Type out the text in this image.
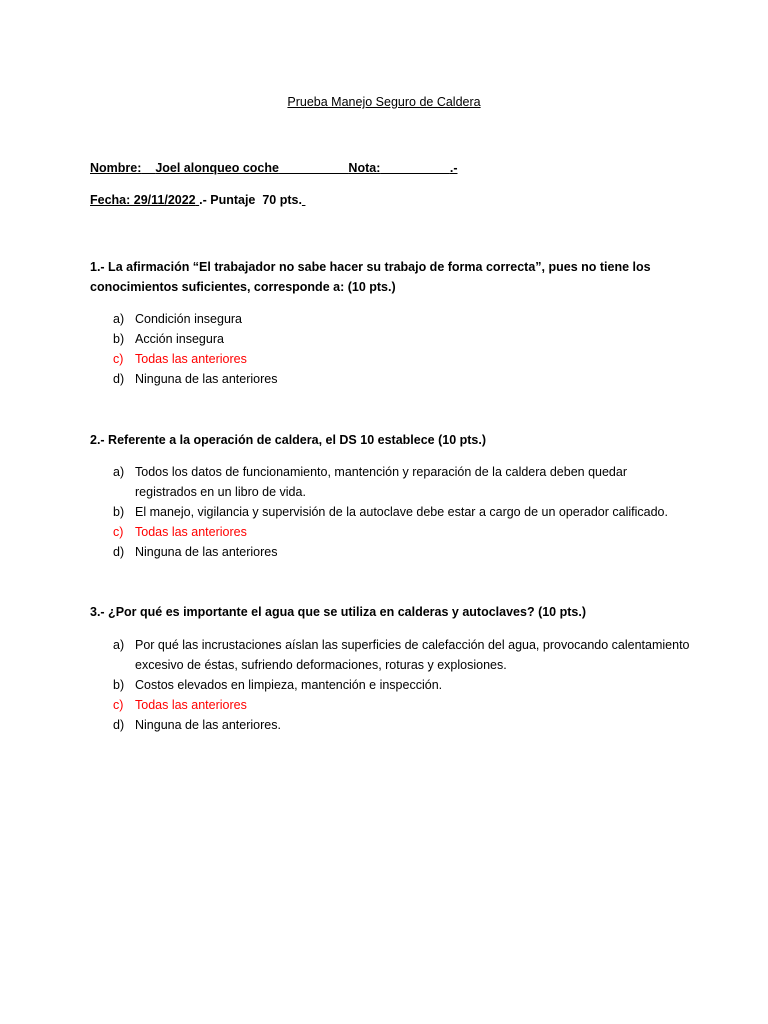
Prueba Manejo Seguro de Caldera
Nombre: Joel alonqueo coche	Nota:	.-
Fecha: 29/11/2022 .- Puntaje  70 pts.
1.- La afirmación “El trabajador no sabe hacer su trabajo de forma correcta”, pues no tiene los conocimientos suficientes, corresponde a: (10 pts.)
a) Condición insegura
b) Acción insegura
c) Todas las anteriores
d) Ninguna de las anteriores
2.- Referente a la operación de caldera, el DS 10 establece (10 pts.)
a) Todos los datos de funcionamiento, mantención y reparación de la caldera deben quedar registrados en un libro de vida.
b) El manejo, vigilancia y supervisión de la autoclave debe estar a cargo de un operador calificado.
c) Todas las anteriores
d) Ninguna de las anteriores
3.- ¿Por qué es importante el agua que se utiliza en calderas y autoclaves? (10 pts.)
a) Por qué las incrustaciones aíslan las superficies de calefacción del agua, provocando calentamiento excesivo de éstas, sufriendo deformaciones, roturas y explosiones.
b) Costos elevados en limpieza, mantención e inspección.
c) Todas las anteriores
d) Ninguna de las anteriores.
